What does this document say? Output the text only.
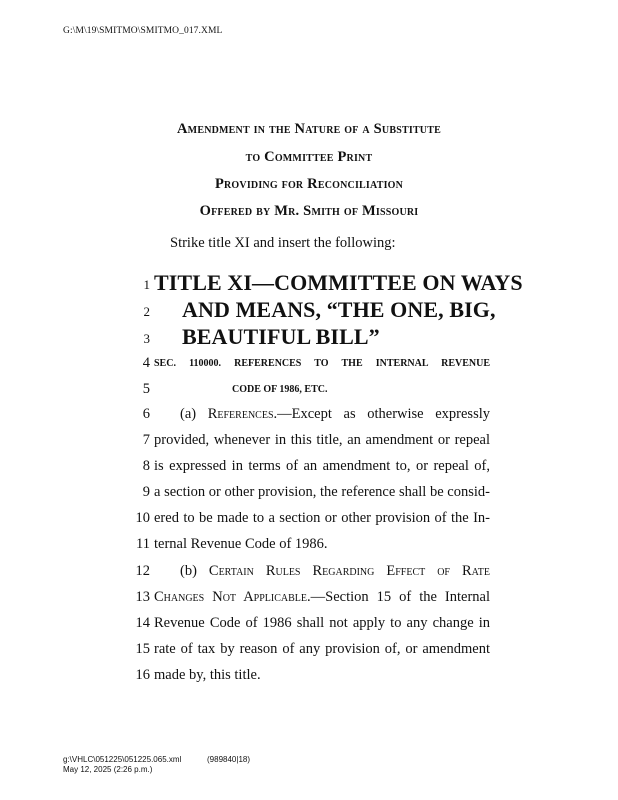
G:\M\19\SMITMO\SMITMO_017.XML
Amendment in the Nature of a Substitute
to Committee Print
Providing for Reconciliation
Offered by Mr. Smith of Missouri
Strike title XI and insert the following:
1 TITLE XI—COMMITTEE ON WAYS
2 AND MEANS, “THE ONE, BIG,
3 BEAUTIFUL BILL”
4 SEC. 110000. REFERENCES TO THE INTERNAL REVENUE
5	CODE OF 1986, ETC.
6 (a) References.—Except as otherwise expressly
7 provided, whenever in this title, an amendment or repeal
8 is expressed in terms of an amendment to, or repeal of,
9 a section or other provision, the reference shall be consid-
10 ered to be made to a section or other provision of the In-
11 ternal Revenue Code of 1986.
12 (b) Certain Rules Regarding Effect of Rate
13 Changes Not Applicable.—Section 15 of the Internal
14 Revenue Code of 1986 shall not apply to any change in
15 rate of tax by reason of any provision of, or amendment
16 made by, this title.
g:\VHLC\051225\051225.065.xml
May 12, 2025 (2:26 p.m.)
(989840|18)
